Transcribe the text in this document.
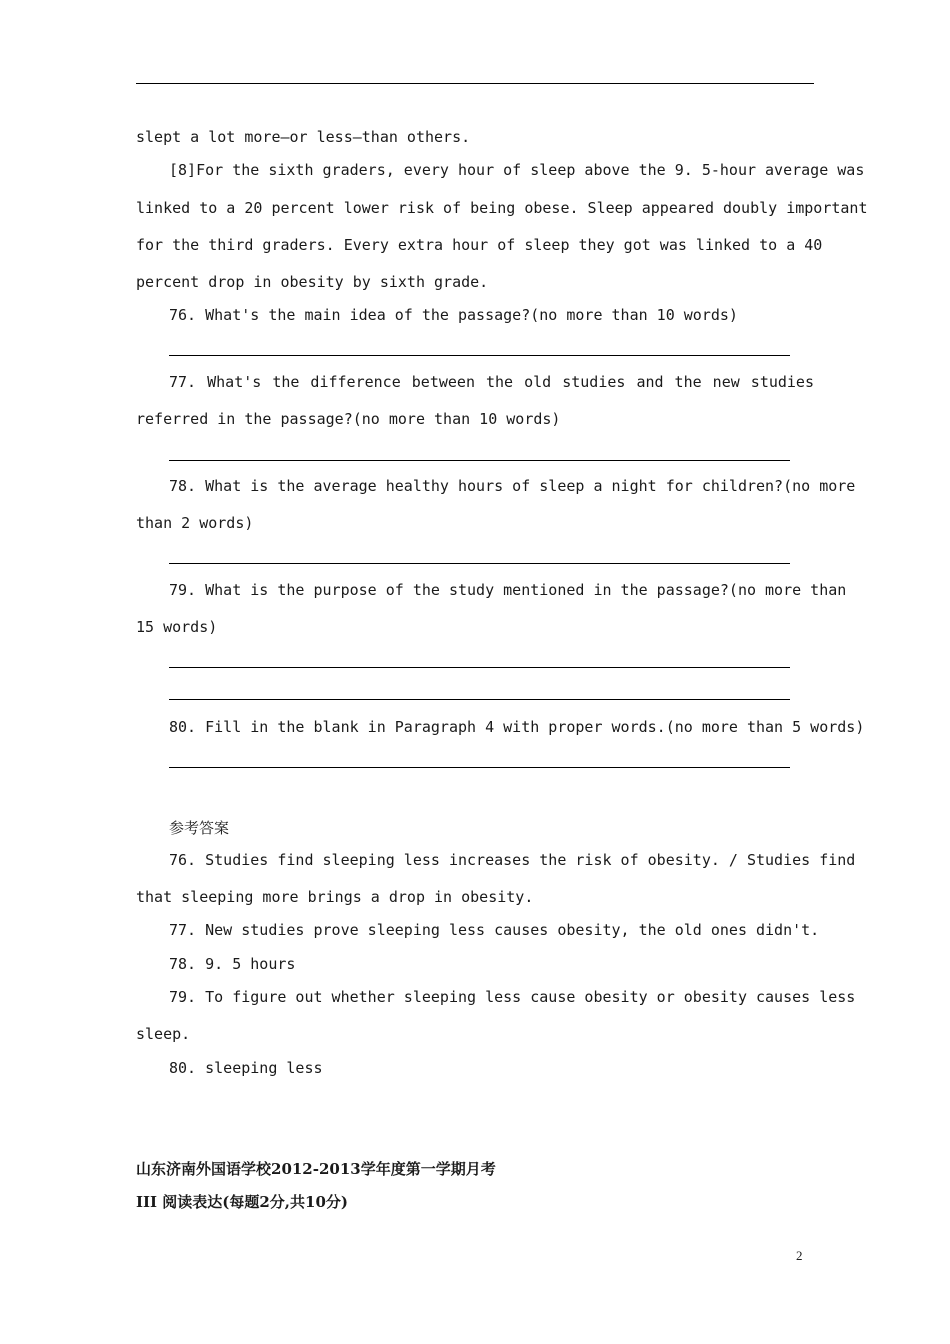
slept a lot more—or less—than others.
[8]For the sixth graders, every hour of sleep above the 9. 5-hour average was
linked to a 20 percent lower risk of being obese. Sleep appeared doubly important
for the third graders. Every extra hour of sleep they got was linked to a 40
percent drop in obesity by sixth grade.
76. What's the main idea of the passage?(no more than 10 words)
77. What's the difference between the old studies and the new studies
referred in the passage?(no more than 10 words)
78. What is the average healthy hours of sleep a night for children?(no more
than 2 words)
79. What is the purpose of the study mentioned in the passage?(no more than
15 words)
80. Fill in the blank in Paragraph 4 with proper words.(no more than 5 words)
参考答案
76. Studies find sleeping less increases the risk of obesity. / Studies find
that sleeping more brings a drop in obesity.
77. New studies prove sleeping less causes obesity, the old ones didn't.
78. 9. 5 hours
79. To figure out whether sleeping less cause obesity or obesity causes less
sleep.
80. sleeping less
山东济南外国语学校2012-2013学年度第一学期月考
III 阅读表达(每题2分,共10分)
2
